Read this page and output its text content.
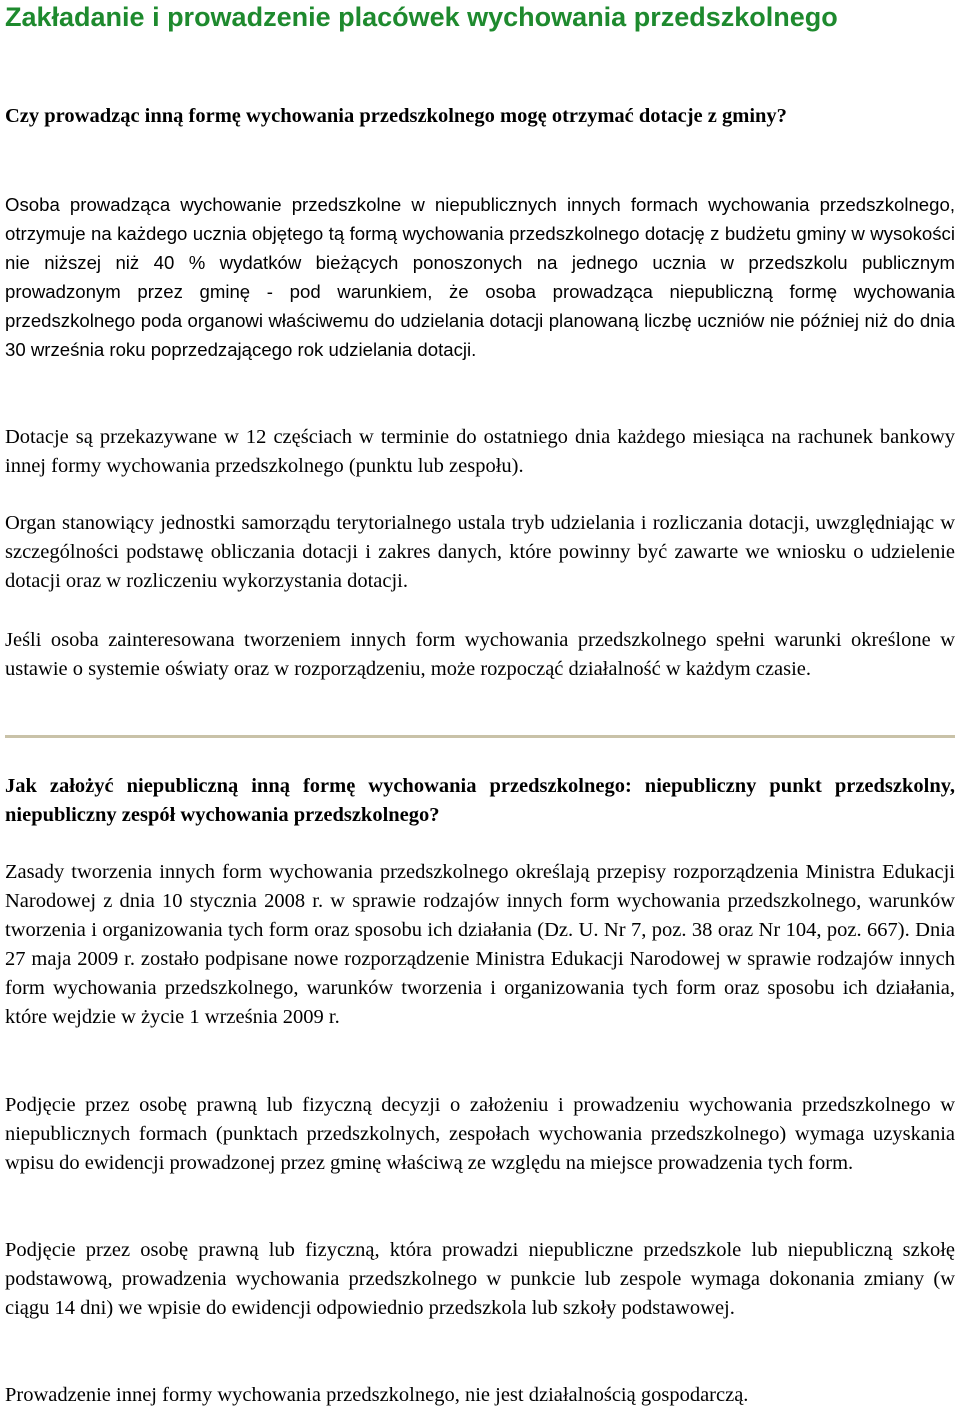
Zakładanie i prowadzenie placówek wychowania przedszkolnego
Czy prowadząc inną formę wychowania przedszkolnego mogę otrzymać dotacje z gminy?

Osoba prowadząca wychowanie przedszkolne w niepublicznych innych formach wychowania przedszkolnego, otrzymuje na każdego ucznia objętego tą formą wychowania przedszkolnego dotację z budżetu gminy w wysokości nie niższej niż 40 % wydatków bieżących ponoszonych na jednego ucznia w przedszkolu publicznym prowadzonym przez gminę - pod warunkiem, że osoba prowadząca niepubliczną formę wychowania przedszkolnego poda organowi właściwemu do udzielania dotacji planowaną liczbę uczniów nie później niż do dnia 30 września roku poprzedzającego rok udzielania dotacji.

Dotacje są przekazywane w 12 częściach w terminie do ostatniego dnia każdego miesiąca na rachunek bankowy innej formy wychowania przedszkolnego (punktu lub zespołu).

Organ stanowiący jednostki samorządu terytorialnego ustala tryb udzielania i rozliczania dotacji, uwzględniając w szczególności podstawę obliczania dotacji i zakres danych, które powinny być zawarte we wniosku o udzielenie dotacji oraz w rozliczeniu wykorzystania dotacji.

Jeśli osoba zainteresowana tworzeniem innych form wychowania przedszkolnego spełni warunki określone w ustawie o systemie oświaty oraz w rozporządzeniu, może rozpocząć działalność w każdym czasie.

Jak założyć niepubliczną inną formę wychowania przedszkolnego: niepubliczny punkt przedszkolny, niepubliczny zespół wychowania przedszkolnego?

Zasady tworzenia innych form wychowania przedszkolnego określają przepisy rozporządzenia Ministra Edukacji Narodowej z dnia 10 stycznia 2008 r. w sprawie rodzajów innych form wychowania przedszkolnego, warunków tworzenia i organizowania tych form oraz sposobu ich działania (Dz. U. Nr 7, poz. 38 oraz Nr 104, poz. 667). Dnia 27 maja 2009 r. zostało podpisane nowe rozporządzenie Ministra Edukacji Narodowej w sprawie rodzajów innych form wychowania przedszkolnego, warunków tworzenia i organizowania tych form oraz sposobu ich działania, które wejdzie w życie 1 września 2009 r.

Podjęcie przez osobę prawną lub fizyczną decyzji o założeniu i prowadzeniu wychowania przedszkolnego w niepublicznych formach (punktach przedszkolnych, zespołach wychowania przedszkolnego) wymaga uzyskania wpisu do ewidencji prowadzonej przez gminę właściwą ze względu na miejsce prowadzenia tych form.

Podjęcie przez osobę prawną lub fizyczną, która prowadzi niepubliczne przedszkole lub niepubliczną szkołę podstawową, prowadzenia wychowania przedszkolnego w punkcie lub zespole wymaga dokonania zmiany (w ciągu 14 dni) we wpisie do ewidencji odpowiednio przedszkola lub szkoły podstawowej.

Prowadzenie innej formy wychowania przedszkolnego, nie jest działalnością gospodarczą.
